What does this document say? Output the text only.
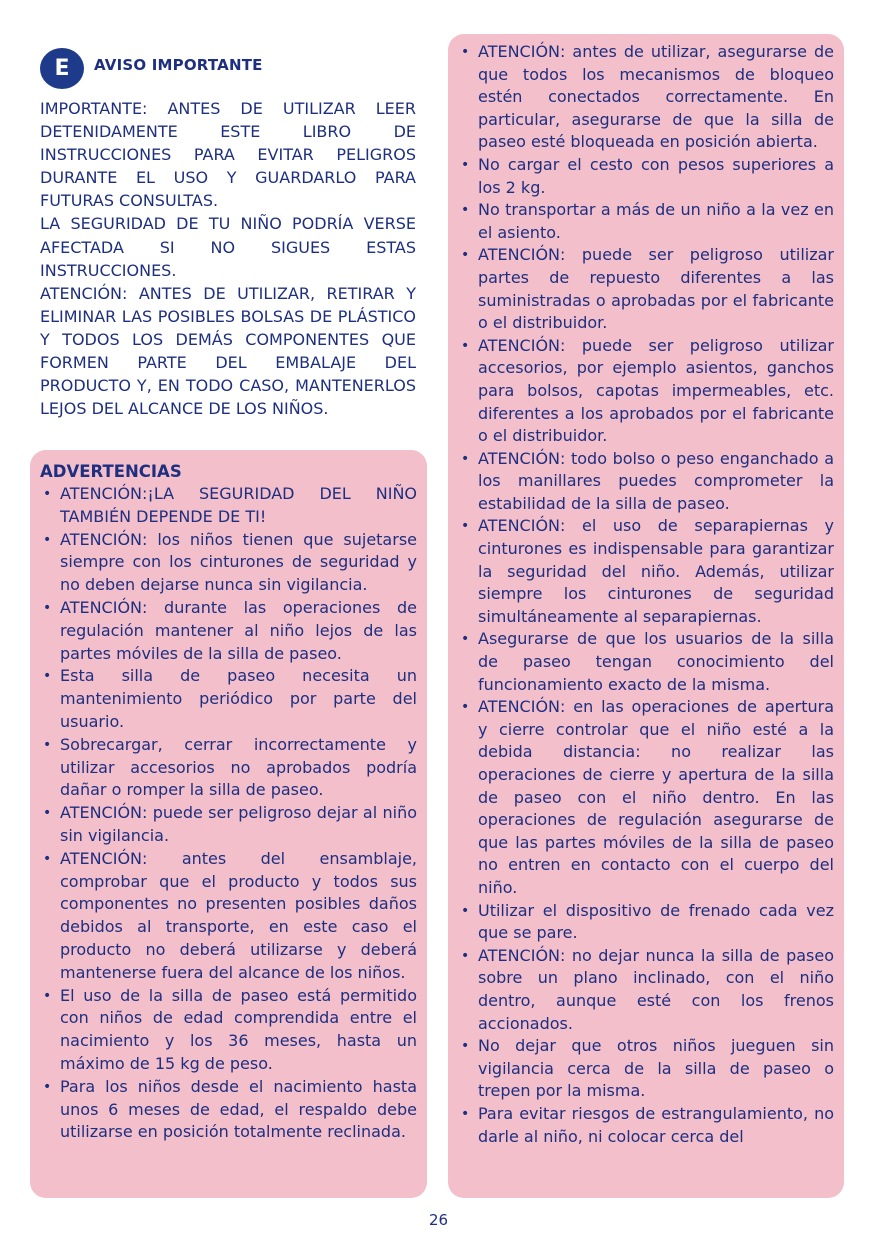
E	AVISO IMPORTANTE

IMPORTANTE: ANTES DE UTILIZAR LEER DETENIDAMENTE ESTE LIBRO DE INSTRUCCIONES PARA EVITAR PELIGROS DURANTE EL USO Y GUARDARLO PARA FUTURAS CONSULTAS.

LA SEGURIDAD DE TU NIÑO PODRÍA VERSE AFECTADA SI NO SIGUES ESTAS INSTRUCCIONES.

ATENCIÓN: ANTES DE UTILIZAR, RETIRAR Y ELIMINAR LAS POSIBLES BOLSAS DE PLÁSTICO Y TODOS LOS DEMÁS COMPONENTES QUE FORMEN PARTE DEL EMBALAJE DEL PRODUCTO Y, EN TODO CASO, MANTENERLOS LEJOS DEL ALCANCE DE LOS NIÑOS.

ADVERTENCIAS
• ATENCIÓN:¡LA SEGURIDAD DEL NIÑO TAMBIÉN DEPENDE DE TI!
• ATENCIÓN: los niños tienen que sujetarse siempre con los cinturones de seguridad y no deben dejarse nunca sin vigilancia.
• ATENCIÓN: durante las operaciones de regulación mantener al niño lejos de las partes móviles de la silla de paseo.
• Esta silla de paseo necesita un mantenimiento periódico por parte del usuario.
• Sobrecargar, cerrar incorrectamente y utilizar accesorios no aprobados podría dañar o romper la silla de paseo.
• ATENCIÓN: puede ser peligroso dejar al niño sin vigilancia.
• ATENCIÓN: antes del ensamblaje, comprobar que el producto y todos sus componentes no presenten posibles daños debidos al transporte, en este caso el producto no deberá utilizarse y deberá mantenerse fuera del alcance de los niños.
• El uso de la silla de paseo está permitido con niños de edad comprendida entre el nacimiento y los 36 meses, hasta un máximo de 15 kg de peso.
• Para los niños desde el nacimiento hasta unos 6 meses de edad, el respaldo debe utilizarse en posición totalmente reclinada.
• ATENCIÓN: antes de utilizar, asegurarse de que todos los mecanismos de bloqueo estén conectados correctamente. En particular, asegurarse de que la silla de paseo esté bloqueada en posición abierta.
• No cargar el cesto con pesos superiores a los 2 kg.
• No transportar a más de un niño a la vez en el asiento.
• ATENCIÓN: puede ser peligroso utilizar partes de repuesto diferentes a las suministradas o aprobadas por el fabricante o el distribuidor.
• ATENCIÓN: puede ser peligroso utilizar accesorios, por ejemplo asientos, ganchos para bolsos, capotas impermeables, etc. diferentes a los aprobados por el fabricante o el distribuidor.
• ATENCIÓN: todo bolso o peso enganchado a los manillares puedes comprometer la estabilidad de la silla de paseo.
• ATENCIÓN: el uso de separapiernas y cinturones es indispensable para garantizar la seguridad del niño. Además, utilizar siempre los cinturones de seguridad simultáneamente al separapiernas.
• Asegurarse de que los usuarios de la silla de paseo tengan conocimiento del funcionamiento exacto de la misma.
• ATENCIÓN: en las operaciones de apertura y cierre controlar que el niño esté a la debida distancia: no realizar las operaciones de cierre y apertura de la silla de paseo con el niño dentro. En las operaciones de regulación asegurarse de que las partes móviles de la silla de paseo no entren en contacto con el cuerpo del niño.
• Utilizar el dispositivo de frenado cada vez que se pare.
• ATENCIÓN: no dejar nunca la silla de paseo sobre un plano inclinado, con el niño dentro, aunque esté con los frenos accionados.
• No dejar que otros niños jueguen sin vigilancia cerca de la silla de paseo o trepen por la misma.
• Para evitar riesgos de estrangulamiento, no darle al niño, ni colocar cerca del
26
